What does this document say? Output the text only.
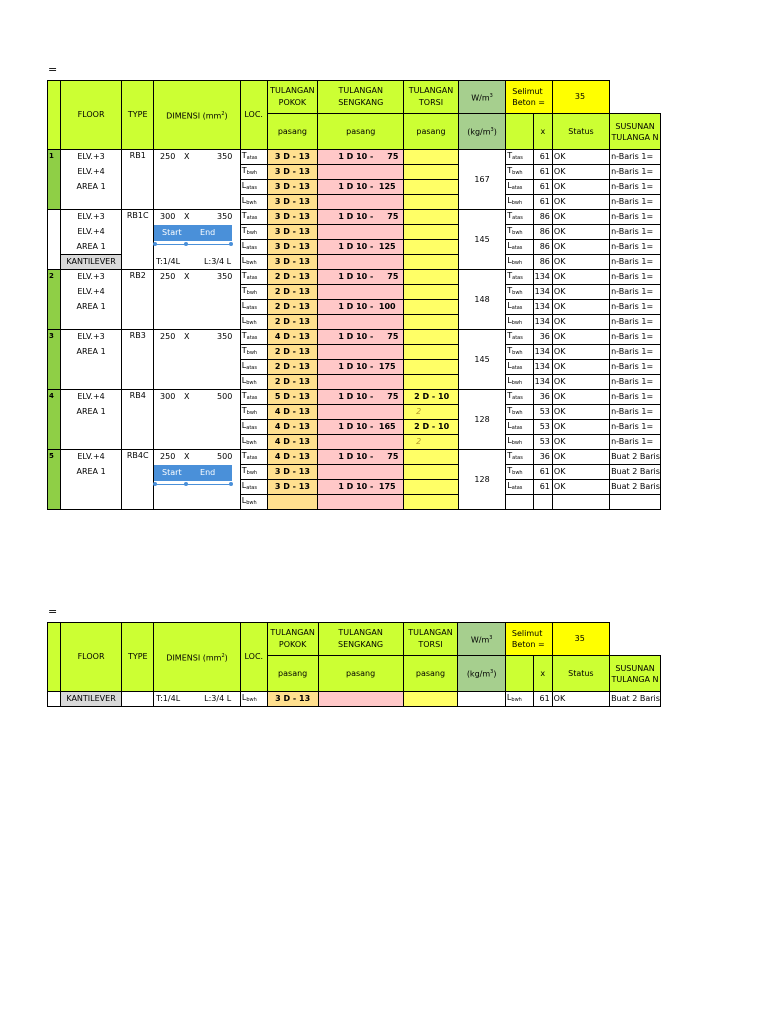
=
	FLOOR	TYPE	DIMENSI $(mm^2)$	LOC.	TULANGAN POKOK	TULANGAN SENGKANG	TULANGAN TORSI	$W/m^3$	Selimut Beton =		35	
					pasang	pasang	pasang	$(kg/m^3)$		x	Status	SUSUNAN TULANGA N
1	ELV.+3	RB1	250 X 350	$T_{atas}$	3 D - 13	1 D 10 -     75		167	$T_{atas}$	61	OK	n-Baris 1=
	ELV.+4			$T_{bwh}$	3 D - 13				$T_{bwh}$	61	OK	n-Baris 1=
	AREA 1			$L_{atas}$	3 D - 13	1 D 10 -  125			$L_{atas}$	61	OK	n-Baris 1=
				$L_{bwh}$	3 D - 13				$L_{bwh}$	61	OK	n-Baris 1=
	ELV.+3	RB1C	300 X 350	$T_{atas}$	3 D - 13	1 D 10 -     75		145	$T_{atas}$	86	OK	n-Baris 1=
	ELV.+4		Start End	$T_{bwh}$	3 D - 13				$T_{bwh}$	86	OK	n-Baris 1=
	AREA 1			$L_{atas}$	3 D - 13	1 D 10 -  125			$L_{atas}$	86	OK	n-Baris 1=
	KANTILEVER		T:1/4L L:3/4 L	$L_{bwh}$	3 D - 13				$L_{bwh}$	86	OK	n-Baris 1=
2	ELV.+3	RB2	250 X 350	$T_{atas}$	2 D - 13	1 D 10 -     75		148	$T_{atas}$	134	OK	n-Baris 1=
	ELV.+4			$T_{bwh}$	2 D - 13				$T_{bwh}$	134	OK	n-Baris 1=
	AREA 1			$L_{atas}$	2 D - 13	1 D 10 -  100			$L_{atas}$	134	OK	n-Baris 1=
				$L_{bwh}$	2 D - 13				$L_{bwh}$	134	OK	n-Baris 1=
3	ELV.+3	RB3	250 X 350	$T_{atas}$	4 D - 13	1 D 10 -     75		145	$T_{atas}$	36	OK	n-Baris 1=
	AREA 1			$T_{bwh}$	2 D - 13				$T_{bwh}$	134	OK	n-Baris 1=
				$L_{atas}$	2 D - 13	1 D 10 -  175			$L_{atas}$	134	OK	n-Baris 1=
				$L_{bwh}$	2 D - 13				$L_{bwh}$	134	OK	n-Baris 1=
4	ELV.+4	RB4	300 X 500	$T_{atas}$	5 D - 13	1 D 10 -     75	2 D - 10	128	$T_{atas}$	36	OK	n-Baris 1=
	AREA 1			$T_{bwh}$	4 D - 13		2		$T_{bwh}$	53	OK	n-Baris 1=
				$L_{atas}$	4 D - 13	1 D 10 -  165	2 D - 10		$L_{atas}$	53	OK	n-Baris 1=
				$L_{bwh}$	4 D - 13		2		$L_{bwh}$	53	OK	n-Baris 1=
5	ELV.+4	RB4C	250 X 500	$T_{atas}$	4 D - 13	1 D 10 -     75		128	$T_{atas}$	36	OK	Buat 2 Baris
	AREA 1		Start End	$T_{bwh}$	3 D - 13				$T_{bwh}$	61	OK	Buat 2 Baris
				$L_{atas}$	3 D - 13	1 D 10 -  175			$L_{atas}$	61	OK	Buat 2 Baris
				$L_{bwh}$							
=
	FLOOR	TYPE	DIMENSI $(mm^2)$	LOC.	TULANGAN POKOK	TULANGAN SENGKANG	TULANGAN TORSI	$W/m^3$	Selimut Beton =		35	
					pasang	pasang	pasang	$(kg/m^3)$		x	Status	SUSUNAN TULANGA N
	KANTILEVER		T:1/4L L:3/4 L	$L_{bwh}$	3 D - 13				$L_{bwh}$	61	OK	Buat 2 Baris
